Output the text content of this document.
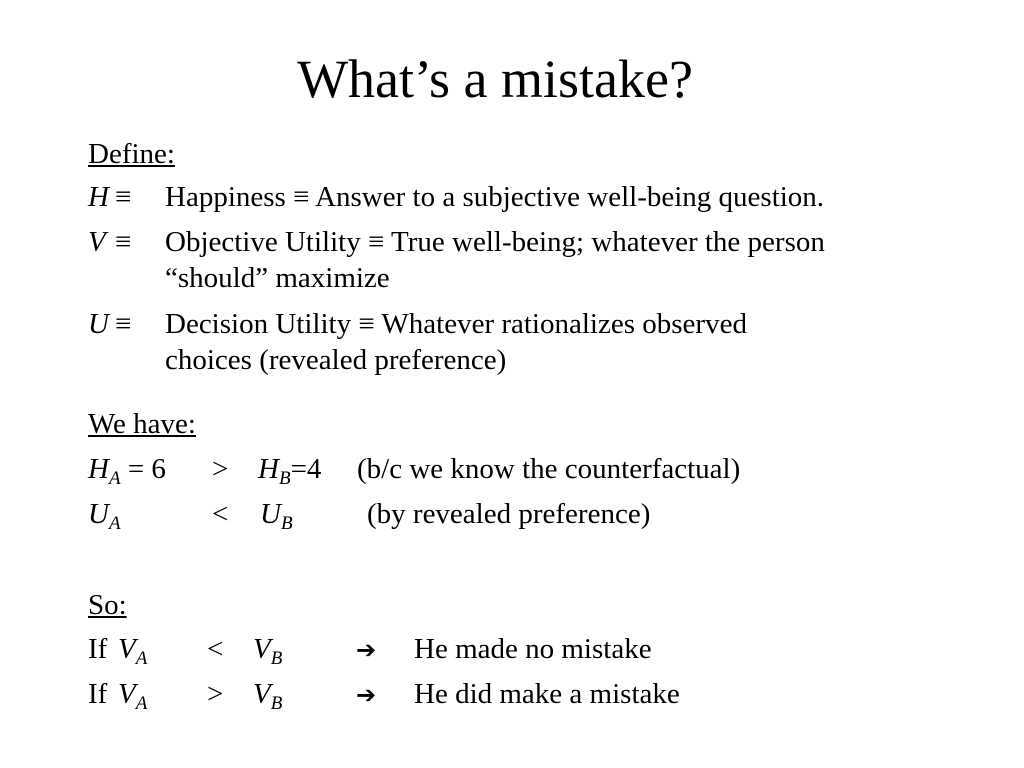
What’s a mistake?
Define:
H ≡ Happiness ≡ Answer to a subjective well-being question.
V ≡ Objective Utility ≡ True well-being; whatever the person
“should” maximize
U ≡ Decision Utility ≡ Whatever rationalizes observed
choices (revealed preference)
We have:
$H_A = 6 > H_B=4$ (b/c we know the counterfactual)
$U_A$	< $U_B$	(by revealed preference)
So:
If $V_A < V_B$	➔ He made no mistake
If $V_A > V_B$	➔ He did make a mistake
